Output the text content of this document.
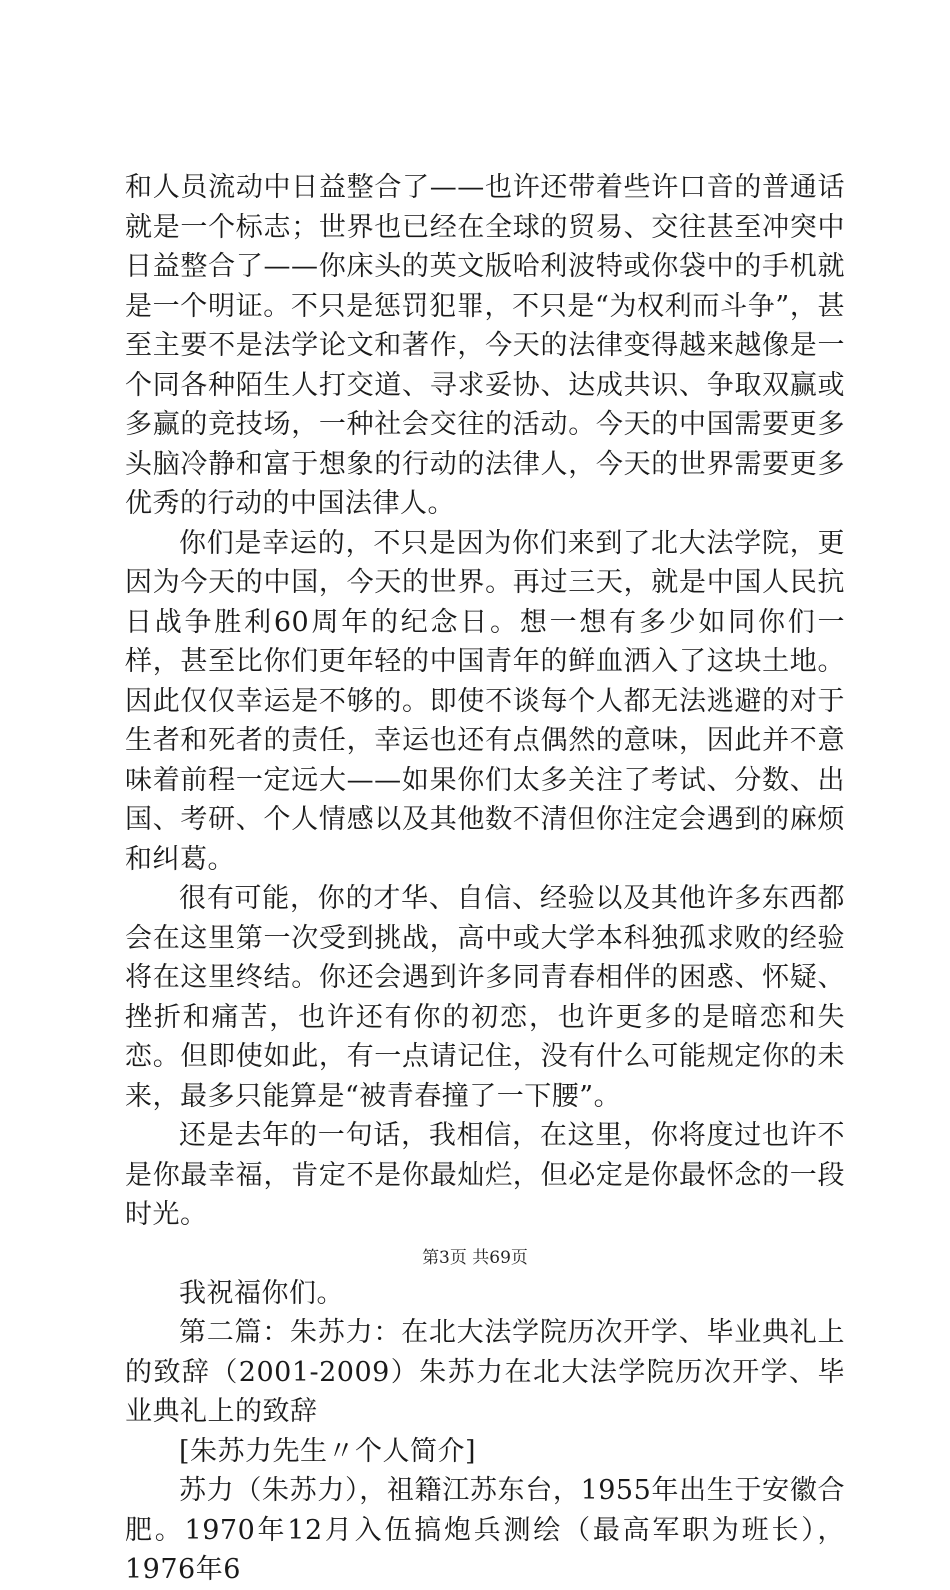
和人员流动中日益整合了——也许还带着些许口音的普通话就是一个标志；世界也已经在全球的贸易、交往甚至冲突中日益整合了——你床头的英文版哈利波特或你袋中的手机就是一个明证。不只是惩罚犯罪，不只是“为权利而斗争”，甚至主要不是法学论文和著作，今天的法律变得越来越像是一个同各种陌生人打交道、寻求妥协、达成共识、争取双赢或多赢的竞技场，一种社会交往的活动。今天的中国需要更多头脑冷静和富于想象的行动的法律人，今天的世界需要更多优秀的行动的中国法律人。

你们是幸运的，不只是因为你们来到了北大法学院，更因为今天的中国，今天的世界。再过三天，就是中国人民抗日战争胜利60周年的纪念日。想一想有多少如同你们一样，甚至比你们更年轻的中国青年的鲜血洒入了这块土地。因此仅仅幸运是不够的。即使不谈每个人都无法逃避的对于生者和死者的责任，幸运也还有点偶然的意味，因此并不意味着前程一定远大——如果你们太多关注了考试、分数、出国、考研、个人情感以及其他数不清但你注定会遇到的麻烦和纠葛。

很有可能，你的才华、自信、经验以及其他许多东西都会在这里第一次受到挑战，高中或大学本科独孤求败的经验将在这里终结。你还会遇到许多同青春相伴的困惑、怀疑、挫折和痛苦，也许还有你的初恋，也许更多的是暗恋和失恋。但即使如此，有一点请记住，没有什么可能规定你的未来，最多只能算是“被青春撞了一下腰”。

还是去年的一句话，我相信，在这里，你将度过也许不是你最幸福，肯定不是你最灿烂，但必定是你最怀念的一段时光。

我祝福你们。

第二篇：朱苏力：在北大法学院历次开学、毕业典礼上的致辞（2001-2009）朱苏力在北大法学院历次开学、毕业典礼上的致辞

[朱苏力先生〃个人简介]

苏力（朱苏力），祖籍江苏东台，1955年出生于安徽合肥。1970年12月入伍搞炮兵测绘（最高军职为班长），1976年6

第3页 共69页
